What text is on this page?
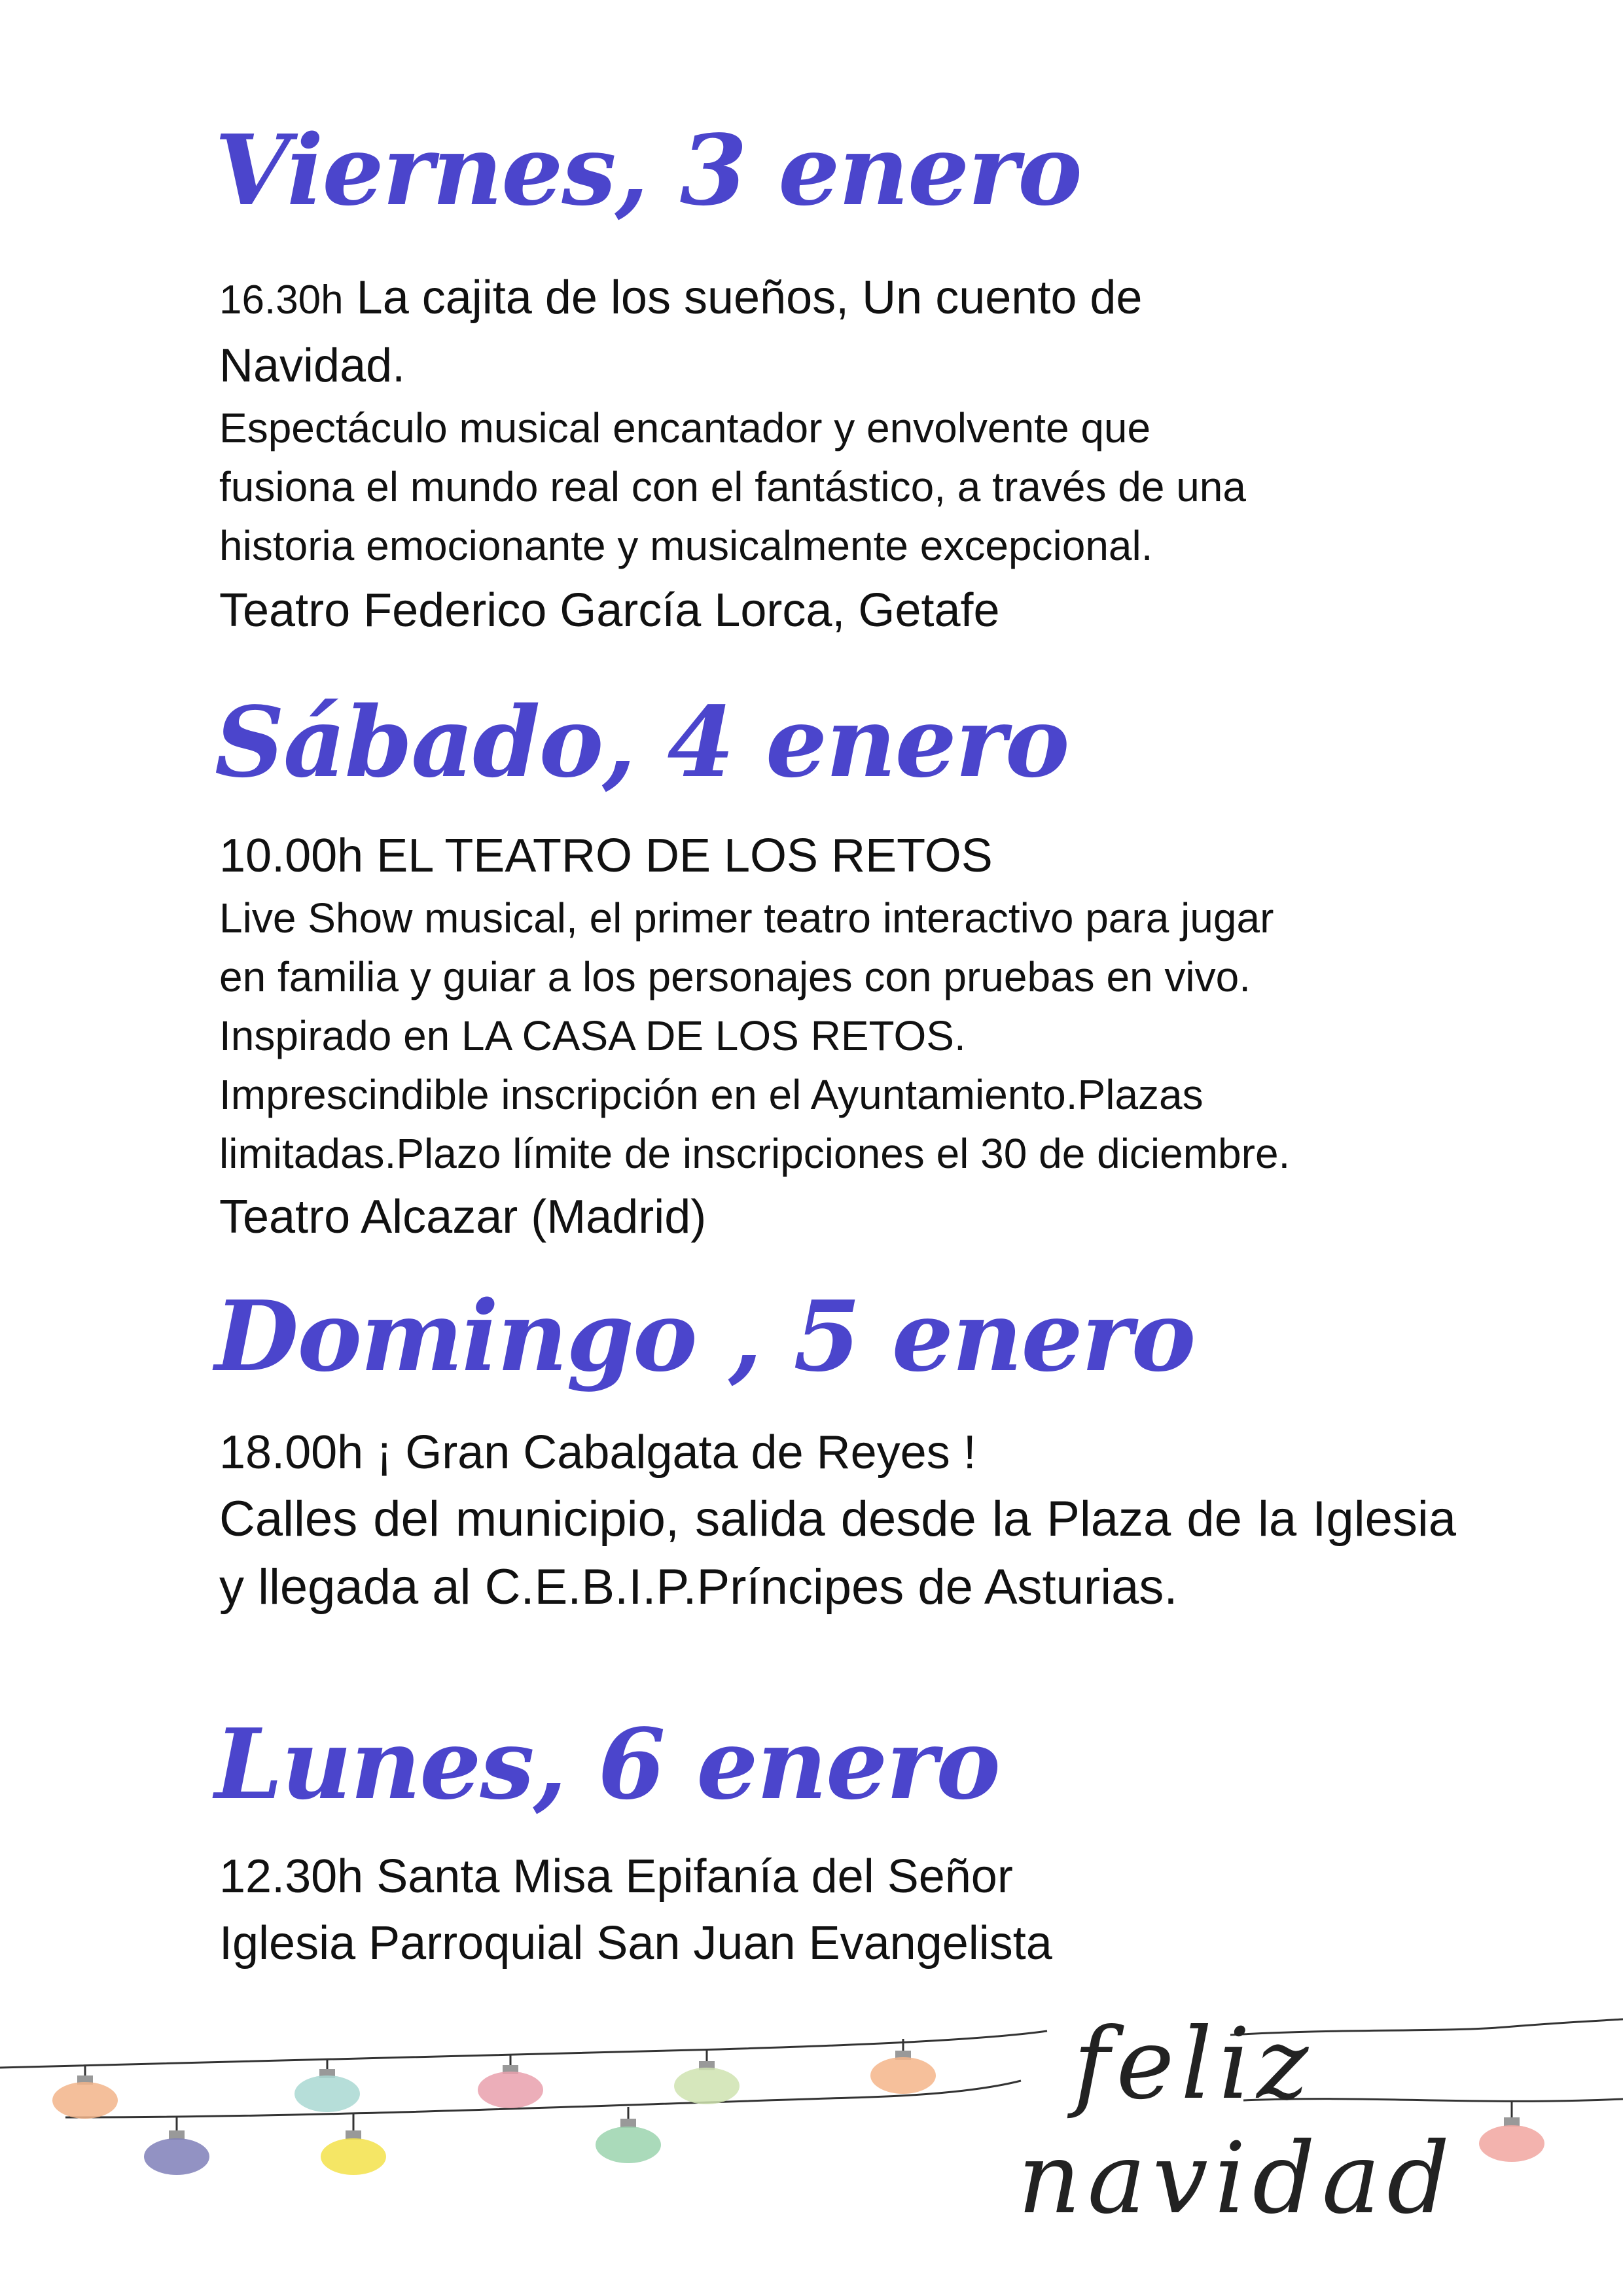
Viernes, 3 enero

16.30h La cajita de los sueños, Un cuento de

Navidad.

Espectáculo musical encantador y envolvente que

fusiona el mundo real con el fantástico, a través de una

historia emocionante y musicalmente excepcional.

Teatro Federico García Lorca, Getafe

Sábado, 4 enero

10.00h EL TEATRO DE LOS RETOS

Live Show musical, el primer teatro interactivo para jugar

en familia y guiar a los personajes con pruebas en vivo.

Inspirado en LA CASA DE LOS RETOS.

Imprescindible inscripción en el Ayuntamiento.Plazas

limitadas.Plazo límite de inscripciones el 30 de diciembre.

Teatro Alcazar (Madrid)

Domingo , 5 enero

18.00h ¡ Gran Cabalgata de Reyes !

Calles del municipio, salida desde la Plaza de la Iglesia y llegada al C.E.B.I.P.Príncipes de Asturias.

Lunes, 6 enero

12.30h Santa Misa Epifanía del Señor

Iglesia Parroquial San Juan Evangelista

feliz
navidad
